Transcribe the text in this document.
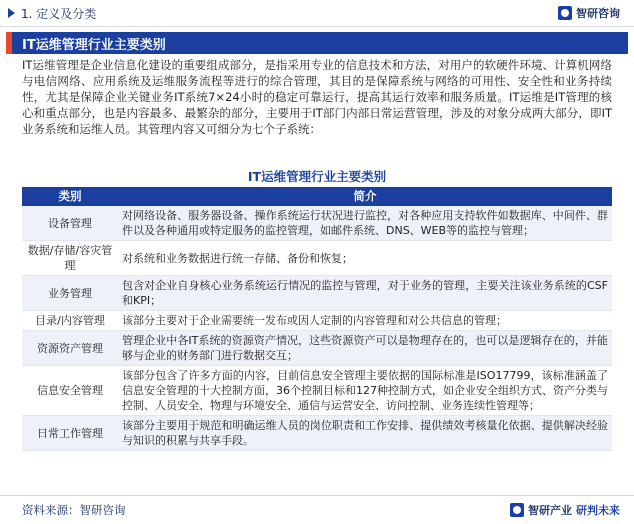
1. 定义及分类	智研咨询
IT运维管理行业主要类别

IT运维管理是企业信息化建设的重要组成部分，是指采用专业的信息技术和方法，对用户的软硬件环境、计算机网络与电信网络、应用系统及运维服务流程等进行的综合管理，其目的是保障系统与网络的可用性、安全性和业务持续性，尤其是保障企业关键业务IT系统7×24小时的稳定可靠运行，提高其运行效率和服务质量。IT运维是IT管理的核心和重点部分，也是内容最多、最繁杂的部分，主要用于IT部门内部日常运营管理，涉及的对象分成两大部分，即IT业务系统和运维人员。其管理内容又可细分为七个子系统：

IT运维管理行业主要类别
类别	简介
设备管理	对网络设备、服务器设备、操作系统运行状况进行监控，对各种应用支持软件如数据库、中间件、群件以及各种通用或特定服务的监控管理，如邮件系统、DNS、WEB等的监控与管理；
数据/存储/容灾管理	对系统和业务数据进行统一存储、备份和恢复；
业务管理	包含对企业自身核心业务系统运行情况的监控与管理，对于业务的管理，主要关注该业务系统的CSF和KPI；
目录/内容管理	该部分主要对于企业需要统一发布或因人定制的内容管理和对公共信息的管理；
资源资产管理	管理企业中各IT系统的资源资产情况，这些资源资产可以是物理存在的，也可以是逻辑存在的，并能够与企业的财务部门进行数据交互；
信息安全管理	该部分包含了许多方面的内容，目前信息安全管理主要依据的国际标准是ISO17799，该标准涵盖了信息安全管理的十大控制方面，36个控制目标和127种控制方式，如企业安全组织方式、资产分类与控制、人员安全、物理与环境安全、通信与运营安全、访问控制、业务连续性管理等；
日常工作管理	该部分主要用于规范和明确运维人员的岗位职责和工作安排、提供绩效考核量化依据、提供解决经验与知识的积累与共享手段。
资料来源：智研咨询	智研产业 研判未来
